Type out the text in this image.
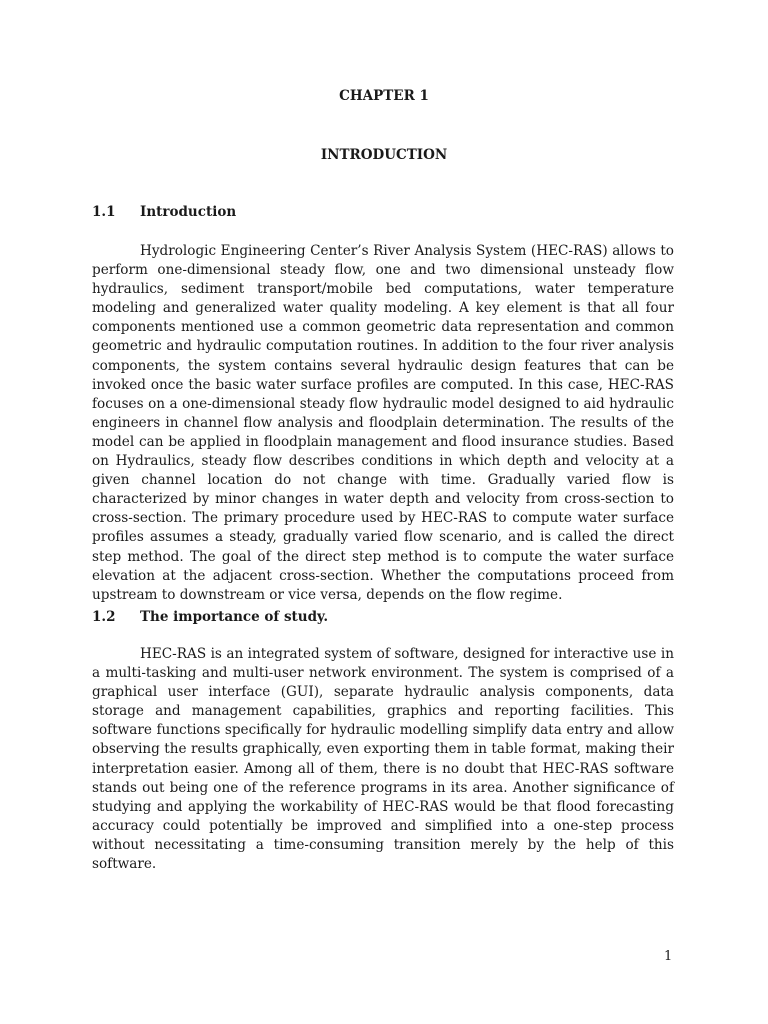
CHAPTER 1
INTRODUCTION
1.1 Introduction

Hydrologic Engineering Center’s River Analysis System (HEC-RAS) allows to perform one-dimensional steady flow, one and two dimensional unsteady flow hydraulics, sediment transport/mobile bed computations, water temperature modeling and generalized water quality modeling. A key element is that all four components mentioned use a common geometric data representation and common geometric and hydraulic computation routines. In addition to the four river analysis components, the system contains several hydraulic design features that can be invoked once the basic water surface profiles are computed. In this case, HEC-RAS focuses on a one-dimensional steady flow hydraulic model designed to aid hydraulic engineers in channel flow analysis and floodplain determination. The results of the model can be applied in floodplain management and flood insurance studies. Based on Hydraulics, steady flow describes conditions in which depth and velocity at a given channel location do not change with time. Gradually varied flow is characterized by minor changes in water depth and velocity from cross-section to cross-section. The primary procedure used by HEC-RAS to compute water surface profiles assumes a steady, gradually varied flow scenario, and is called the direct step method. The goal of the direct step method is to compute the water surface elevation at the adjacent cross-section. Whether the computations proceed from upstream to downstream or vice versa, depends on the flow regime.

1.2 The importance of study.

HEC-RAS is an integrated system of software, designed for interactive use in a multi-tasking and multi-user network environment. The system is comprised of a graphical user interface (GUI), separate hydraulic analysis components, data storage and management capabilities, graphics and reporting facilities. This software functions specifically for hydraulic modelling simplify data entry and allow observing the results graphically, even exporting them in table format, making their interpretation easier. Among all of them, there is no doubt that HEC-RAS software stands out being one of the reference programs in its area. Another significance of studying and applying the workability of HEC-RAS would be that flood forecasting accuracy could potentially be improved and simplified into a one-step process without necessitating a time-consuming transition merely by the help of this software.

1
